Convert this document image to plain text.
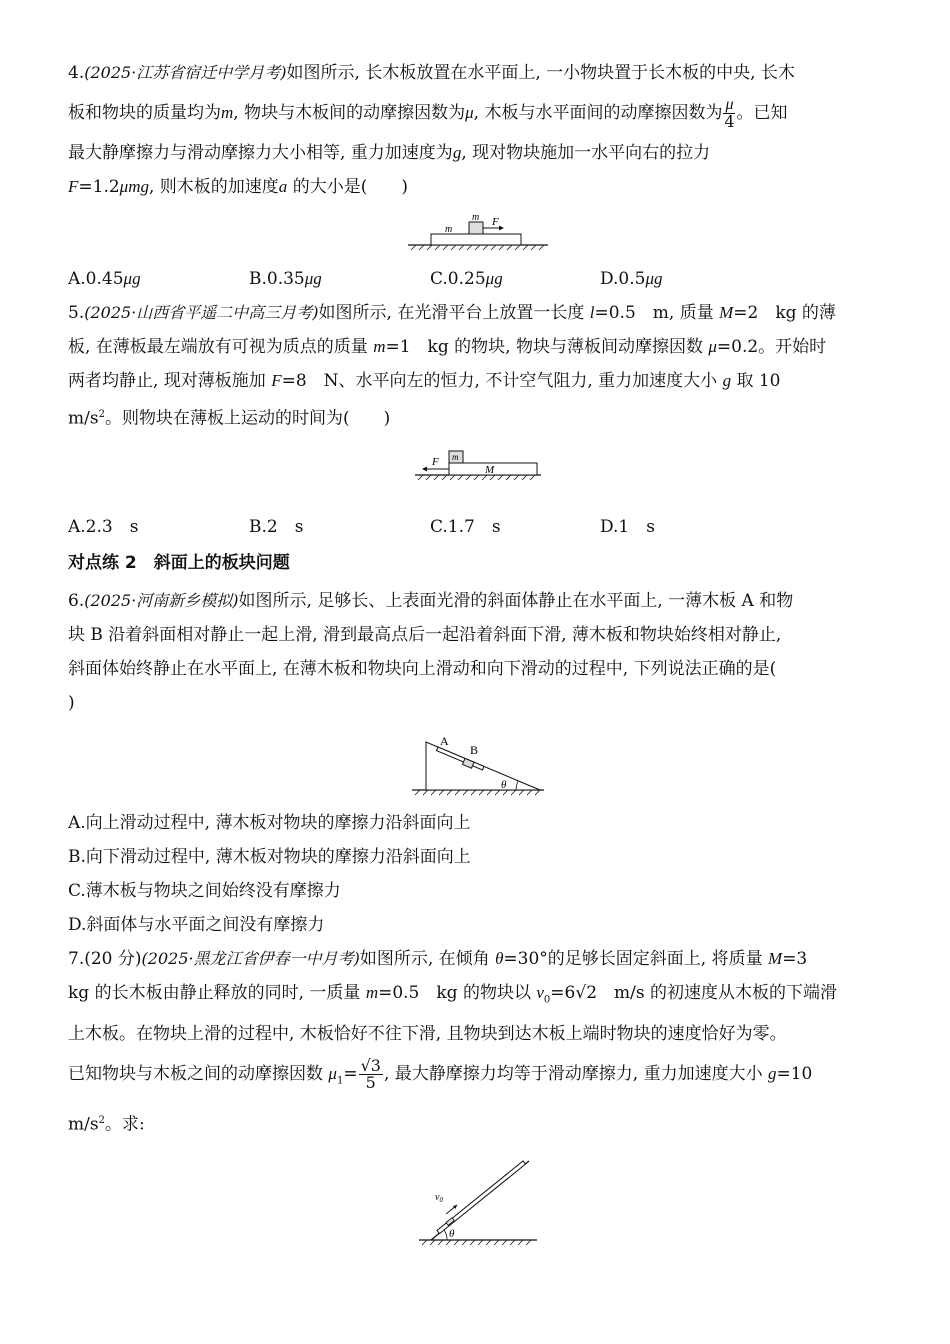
4.(2025·江苏省宿迁中学月考)如图所示, 长木板放置在水平面上, 一小物块置于长木板的中央, 长木

板和物块的质量均为m, 物块与木板间的动摩擦因数为μ, 木板与水平面间的动摩擦因数为 $\frac{\mu}{4}$ 。已知

最大静摩擦力与滑动摩擦力大小相等, 重力加速度为g, 现对物块施加一水平向右的拉力

F=1.2μmg, 则木板的加速度a 的大小是(　　)

m
m F
A.0.45μg	B.0.35μg	C.0.25μg	D.0.5μg

5.(2025·山西省平遥二中高三月考)如图所示, 在光滑平台上放置一长度 l=0.5　m, 质量 M=2　kg 的薄

板, 在薄板最左端放有可视为质点的质量 m=1　kg 的物块, 物块与薄板间动摩擦因数 μ=0.2。开始时

两者均静止, 现对薄板施加 F=8　N、水平向左的恒力, 不计空气阻力, 重力加速度大小 g 取 10

$m/s^2$。则物块在薄板上运动的时间为(　　)

F m
M
A.2.3　s	B.2　s	C.1.7　s	D.1　s
对点练 2　斜面上的板块问题

6.(2025·河南新乡模拟)如图所示, 足够长、上表面光滑的斜面体静止在水平面上, 一薄木板 A 和物

块 B 沿着斜面相对静止一起上滑, 滑到最高点后一起沿着斜面下滑, 薄木板和物块始终相对静止,

斜面体始终静止在水平面上, 在薄木板和物块向上滑动和向下滑动的过程中, 下列说法正确的是(

)

A
B
θ

A.向上滑动过程中, 薄木板对物块的摩擦力沿斜面向上

B.向下滑动过程中, 薄木板对物块的摩擦力沿斜面向上

C.薄木板与物块之间始终没有摩擦力

D.斜面体与水平面之间没有摩擦力

7.(20 分)(2025·黑龙江省伊春一中月考)如图所示, 在倾角 θ=30°的足够长固定斜面上, 将质量 M=3

kg 的长木板由静止释放的同时, 一质量 m=0.5　kg 的物块以 $v_0=6√2$　m/s 的初速度从木板的下端滑

上木板。在物块上滑的过程中, 木板恰好不往下滑, 且物块到达木板上端时物块的速度恰好为零。

已知物块与木板之间的动摩擦因数 $\mu_1= \frac{√3}{5}$ , 最大静摩擦力均等于滑动摩擦力, 重力加速度大小 g=10

$m/s^2$。求:

$v_0$
θ
